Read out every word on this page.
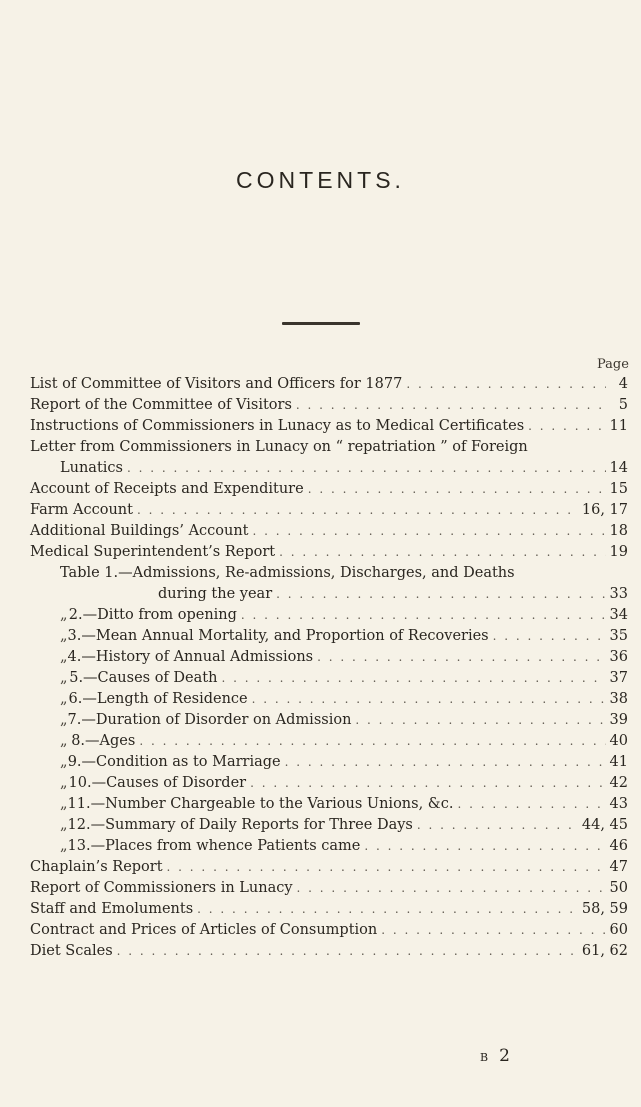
CONTENTS.
Page
List of Committee of Visitors and Officers for 1877 . . .	4
Report of the Committee of Visitors . . .	5
Instructions of Commissioners in Lunacy as to Medical Certificates . . .	11
Letter from Commissioners in Lunacy on “ repatriation ” of Foreign
Lunatics . . .	14
Account of Receipts and Expenditure . . .	15
Farm Account . . .	16, 17
Additional Buildings’ Account . . .	18
Medical Superintendent’s Report . . .	19
Table 1.—Admissions, Re-admissions, Discharges, and Deaths
during the year . . .	33
„ 2.—Ditto from opening . . .	34
„ 3.—Mean Annual Mortality, and Proportion of Recoveries . . .	35
„ 4.—History of Annual Admissions . . .	36
„ 5.—Causes of Death . . .	37
„ 6.—Length of Residence . . .	38
„ 7.—Duration of Disorder on Admission . . .	39
„ 8.—Ages . . .	40
„ 9.—Condition as to Marriage . . .	41
„ 10.—Causes of Disorder . . .	42
„ 11.—Number Chargeable to the Various Unions, &c. . . .	43
„ 12.—Summary of Daily Reports for Three Days . . .	44, 45
„ 13.—Places from whence Patients came . . .	46
Chaplain’s Report . . .	47
Report of Commissioners in Lunacy . . .	50
Staff and Emoluments . . .	58, 59
Contract and Prices of Articles of Consumption . . .	60
Diet Scales . . .	61, 62
B 2
